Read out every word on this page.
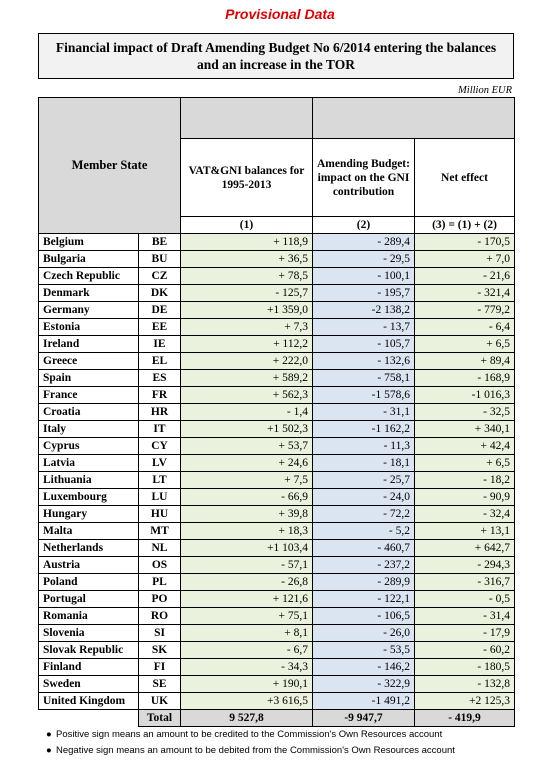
Provisional Data
Financial impact of Draft Amending Budget No 6/2014 entering the balances
and an increase in the TOR
Million EUR
Member State				
		VAT&GNI balances for 1995-2013	Amending Budget: impact on the GNI contribution	Net effect
		(1)	(2)	(3) = (1) + (2)
Belgium	BE	+ 118,9	- 289,4	- 170,5
Bulgaria	BU	+ 36,5	- 29,5	+ 7,0
Czech Republic	CZ	+ 78,5	- 100,1	- 21,6
Denmark	DK	- 125,7	- 195,7	- 321,4
Germany	DE	+1 359,0	-2 138,2	- 779,2
Estonia	EE	+ 7,3	- 13,7	- 6,4
Ireland	IE	+ 112,2	- 105,7	+ 6,5
Greece	EL	+ 222,0	- 132,6	+ 89,4
Spain	ES	+ 589,2	- 758,1	- 168,9
France	FR	+ 562,3	-1 578,6	-1 016,3
Croatia	HR	- 1,4	- 31,1	- 32,5
Italy	IT	+1 502,3	-1 162,2	+ 340,1
Cyprus	CY	+ 53,7	- 11,3	+ 42,4
Latvia	LV	+ 24,6	- 18,1	+ 6,5
Lithuania	LT	+ 7,5	- 25,7	- 18,2
Luxembourg	LU	- 66,9	- 24,0	- 90,9
Hungary	HU	+ 39,8	- 72,2	- 32,4
Malta	MT	+ 18,3	- 5,2	+ 13,1
Netherlands	NL	+1 103,4	- 460,7	+ 642,7
Austria	OS	- 57,1	- 237,2	- 294,3
Poland	PL	- 26,8	- 289,9	- 316,7
Portugal	PO	+ 121,6	- 122,1	- 0,5
Romania	RO	+ 75,1	- 106,5	- 31,4
Slovenia	SI	+ 8,1	- 26,0	- 17,9
Slovak Republic	SK	- 6,7	- 53,5	- 60,2
Finland	FI	- 34,3	- 146,2	- 180,5
Sweden	SE	+ 190,1	- 322,9	- 132,8
United Kingdom	UK	+3 616,5	-1 491,2	+2 125,3
	Total	9 527,8	-9 947,7	- 419,9
● Positive sign means an amount to be credited to the Commission's Own Resources account
● Negative sign means an amount to be debited from the Commission's Own Resources account
